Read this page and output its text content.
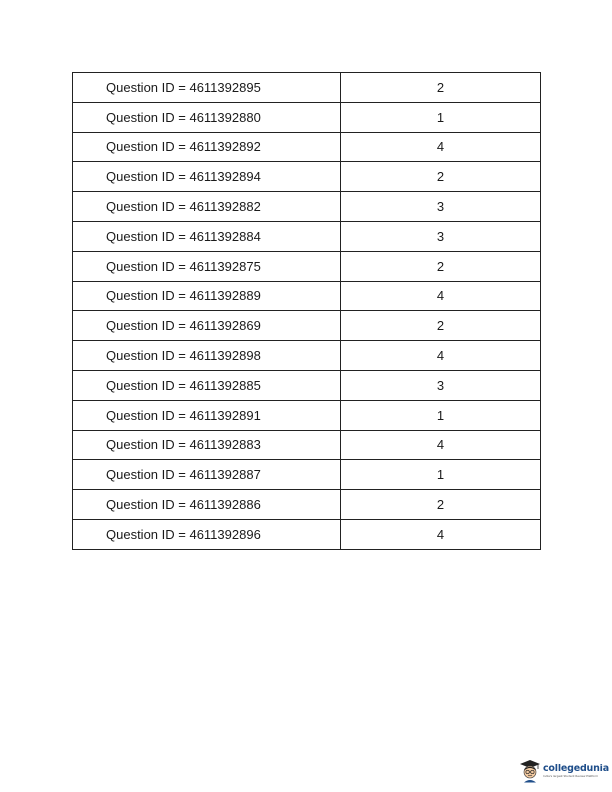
Question ID = 4611392895	2
Question ID = 4611392880	1
Question ID = 4611392892	4
Question ID = 4611392894	2
Question ID = 4611392882	3
Question ID = 4611392884	3
Question ID = 4611392875	2
Question ID = 4611392889	4
Question ID = 4611392869	2
Question ID = 4611392898	4
Question ID = 4611392885	3
Question ID = 4611392891	1
Question ID = 4611392883	4
Question ID = 4611392887	1
Question ID = 4611392886	2
Question ID = 4611392896	4
collegedunia
India's largest Student Review Platform
